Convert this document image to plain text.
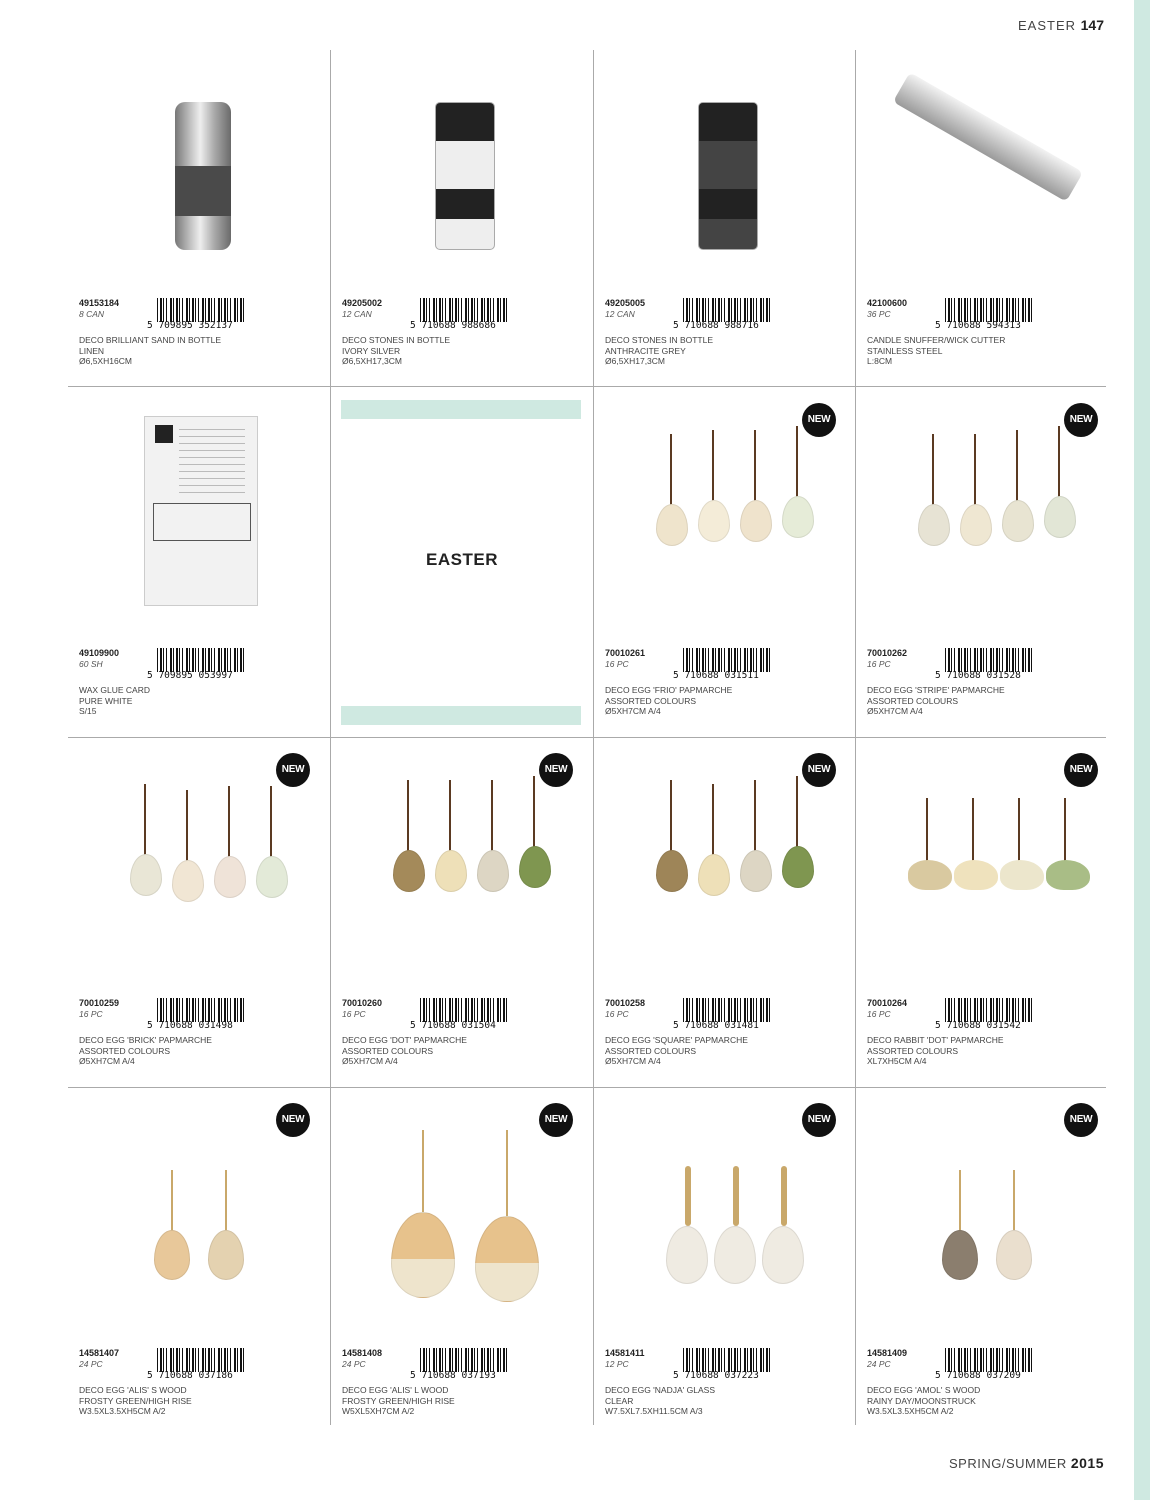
EASTER 147
49153184
8 CAN
5 709895 352137
DECO BRILLIANT SAND IN BOTTLE
LINEN
Ø6,5XH16CM
49205002
12 CAN
5 710688 988686
DECO STONES IN BOTTLE
IVORY SILVER
Ø6,5XH17,3CM
49205005
12 CAN
5 710688 988716
DECO STONES IN BOTTLE
ANTHRACITE GREY
Ø6,5XH17,3CM
42100600
36 PC
5 710688 594313
CANDLE SNUFFER/WICK CUTTER
STAINLESS STEEL
L:8CM
49109900
60 SH
5 709895 053997
WAX GLUE CARD
PURE WHITE
S/15
EASTER
NEW
70010261
16 PC
5 710688 031511
DECO EGG 'FRIO' PAPMARCHE
ASSORTED COLOURS
Ø5XH7CM A/4
NEW
70010262
16 PC
5 710688 031528
DECO EGG 'STRIPE' PAPMARCHE
ASSORTED COLOURS
Ø5XH7CM A/4
NEW
70010259
16 PC
5 710688 031498
DECO EGG 'BRICK' PAPMARCHE
ASSORTED COLOURS
Ø5XH7CM A/4
NEW
70010260
16 PC
5 710688 031504
DECO EGG 'DOT' PAPMARCHE
ASSORTED COLOURS
Ø5XH7CM A/4
NEW
70010258
16 PC
5 710688 031481
DECO EGG 'SQUARE' PAPMARCHE
ASSORTED COLOURS
Ø5XH7CM A/4
NEW
70010264
16 PC
5 710688 031542
DECO RABBIT 'DOT' PAPMARCHE
ASSORTED COLOURS
XL7XH5CM A/4
NEW
14581407
24 PC
5 710688 037186
DECO EGG 'ALIS' S WOOD
FROSTY GREEN/HIGH RISE
W3.5XL3.5XH5CM A/2
NEW
14581408
24 PC
5 710688 037193
DECO EGG 'ALIS' L WOOD
FROSTY GREEN/HIGH RISE
W5XL5XH7CM A/2
NEW
14581411
12 PC
5 710688 037223
DECO EGG 'NADJA' GLASS
CLEAR
W7.5XL7.5XH11.5CM A/3
NEW
14581409
24 PC
5 710688 037209
DECO EGG 'AMOL' S WOOD
RAINY DAY/MOONSTRUCK
W3.5XL3.5XH5CM A/2
SPRING/SUMMER 2015
